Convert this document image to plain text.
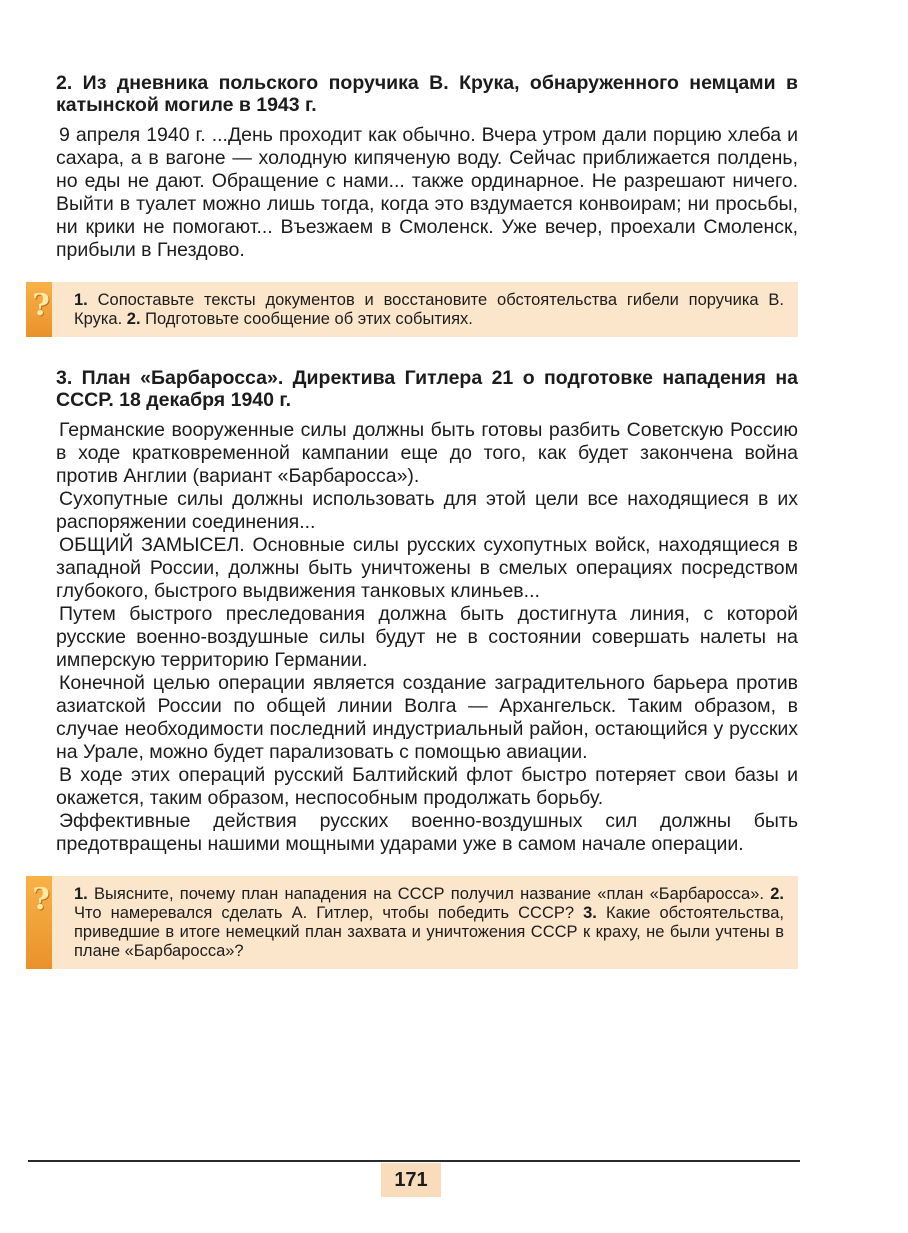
2. Из дневника польского поручика В. Крука, обнаруженного немцами в катынской могиле в 1943 г.

9 апреля 1940 г. ...День проходит как обычно. Вчера утром дали порцию хлеба и сахара, а в вагоне — холодную кипяченую воду. Сейчас приближается полдень, но еды не дают. Обращение с нами... также ординарное. Не разрешают ничего. Выйти в туалет можно лишь тогда, когда это вздумается конвоирам; ни просьбы, ни крики не помогают... Въезжаем в Смоленск. Уже вечер, проехали Смоленск, прибыли в Гнездово.

? 1. Сопоставьте тексты документов и восстановите обстоятельства гибели поручика В. Крука. 2. Подготовьте сообщение об этих событиях.

3. План «Барбаросса». Директива Гитлера 21 о подготовке нападения на СССР. 18 декабря 1940 г.

Германские вооруженные силы должны быть готовы разбить Советскую Россию в ходе кратковременной кампании еще до того, как будет закончена война против Англии (вариант «Барбаросса»).

Сухопутные силы должны использовать для этой цели все находящиеся в их распоряжении соединения...

ОБЩИЙ ЗАМЫСЕЛ. Основные силы русских сухопутных войск, находящиеся в западной России, должны быть уничтожены в смелых операциях посредством глубокого, быстрого выдвижения танковых клиньев...

Путем быстрого преследования должна быть достигнута линия, с которой русские военно-воздушные силы будут не в состоянии совершать налеты на имперскую территорию Германии.

Конечной целью операции является создание заградительного барьера против азиатской России по общей линии Волга — Архангельск. Таким образом, в случае необходимости последний индустриальный район, остающийся у русских на Урале, можно будет парализовать с помощью авиации.

В ходе этих операций русский Балтийский флот быстро потеряет свои базы и окажется, таким образом, неспособным продолжать борьбу.

Эффективные действия русских военно-воздушных сил должны быть предотвращены нашими мощными ударами уже в самом начале операции.

? 1. Выясните, почему план нападения на СССР получил название «план «Барбаросса». 2. Что намеревался сделать А. Гитлер, чтобы победить СССР? 3. Какие обстоятельства, приведшие в итоге немецкий план захвата и уничтожения СССР к краху, не были учтены в плане «Барбаросса»?

171
